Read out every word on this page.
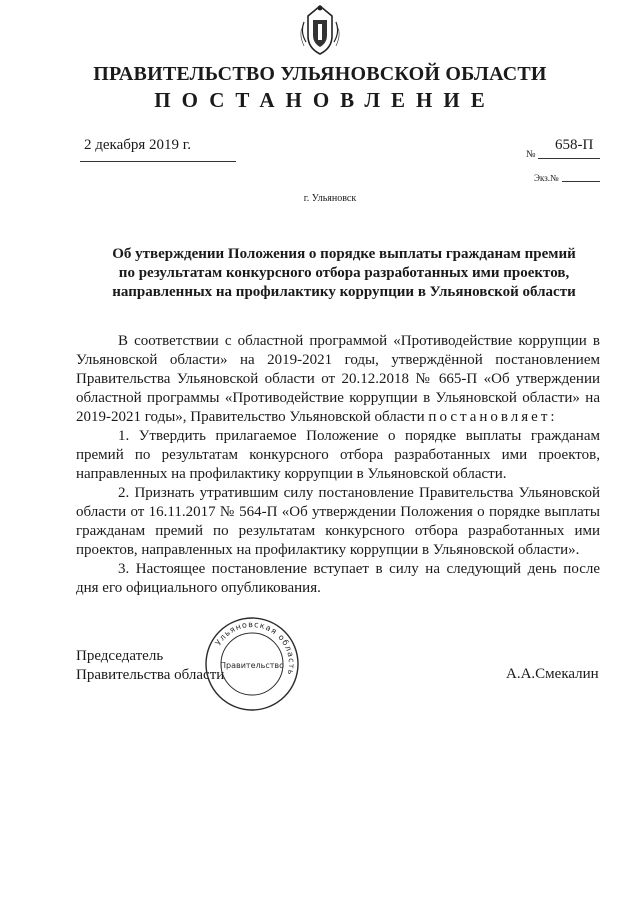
ПРАВИТЕЛЬСТВО УЛЬЯНОВСКОЙ ОБЛАСТИ
ПОСТАНОВЛЕНИЕ
2 декабря 2019 г.
№
658-П
Экз.№
г. Ульяновск
Об утверждении Положения о порядке выплаты гражданам премий
по результатам конкурсного отбора разработанных ими проектов,
направленных на профилактику коррупции в Ульяновской области

В соответствии с областной программой «Противодействие коррупции в Ульяновской области» на 2019-2021 годы, утверждённой постановлением Правительства Ульяновской области от 20.12.2018 № 665-П «Об утверждении областной программы «Противодействие коррупции в Ульяновской области» на 2019-2021 годы», Правительство Ульяновской области постановляет:

1. Утвердить прилагаемое Положение о порядке выплаты гражданам премий по результатам конкурсного отбора разработанных ими проектов, направленных на профилактику коррупции в Ульяновской области.

2. Признать утратившим силу постановление Правительства Ульяновской области от 16.11.2017 № 564-П «Об утверждении Положения о порядке выплаты гражданам премий по результатам конкурсного отбора разработанных ими проектов, направленных на профилактику коррупции в Ульяновской области».

3. Настоящее постановление вступает в силу на следующий день после дня его официального опубликования.

Председатель
Правительства области	А.А.Смекалин
Ульяновская область
Правительство
